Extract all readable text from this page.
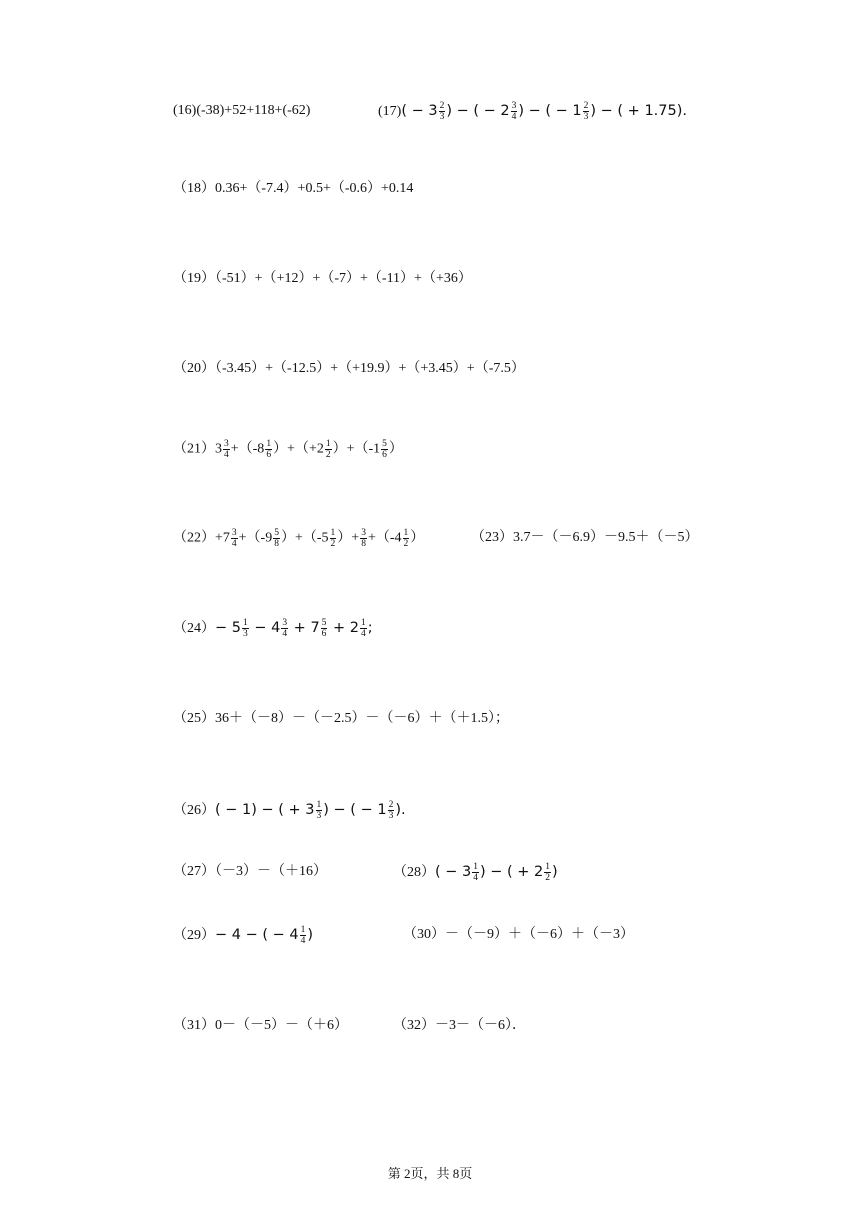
(16)(-38)+52+118+(-62)	$(17)( - 3 \frac{2}{3}$ ) − ( − $2 \frac{3}{4}$ ) − ( − $1 \frac{2}{3}$ ) − ( + 1.75).
（18）0.36+（-7.4）+0.5+（-0.6）+0.14
（19）（-51）+（+12）+（-7）+（-11）+（+36）
（20）（-3.45）+（-12.5）+（+19.9）+（+3.45）+（-7.5）
$(21)3 \frac{3}{4} +(-8 \frac{1}{6} )+(+2 \frac{1}{2} )+(-1 \frac{5}{6}$ ）
$(22)+7 \frac{3}{4} +(-9 \frac{5}{8} )+(-5 \frac{1}{2}$ ）+ $\frac{3}{8} +(-4 \frac{1}{2}$ ）	（23）3.7－（－6.9）－9.5＋（－5）
$(24)- 5 \frac{1}{3} - 4 \frac{3}{4} + 7 \frac{5}{6} + 2 \frac{1}{4}$ ;
（25）36＋（－8）－（－2.5）－（－6）＋（＋1.5）；
（26）( − 1) − ( + $3 \frac{1}{3}$ ) − ( − $1 \frac{2}{3}$ ).
（27）（－3）－（＋16）	$(28)( - 3 \frac{1}{4}$ ) − ( + $2 \frac{1}{2}$ )
（29）− 4 − ( − $4 \frac{1}{4}$ )	（30）－（－9）＋（－6）＋（－3）
（31）0－（－5）－（＋6）	（32）－3－（－6）．
第 2页，共 8页
